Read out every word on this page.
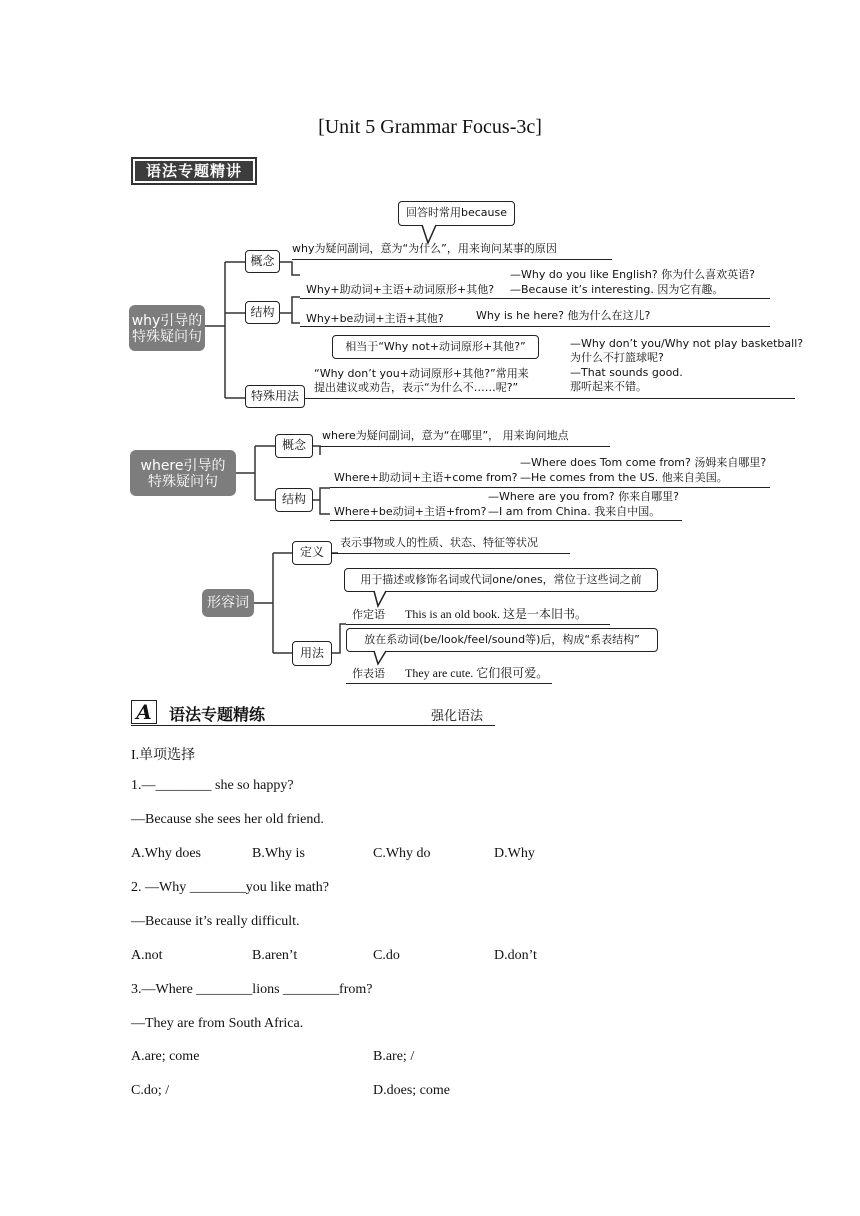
[Unit 5 Grammar Focus-3c]
语法专题精讲
why引导的
特殊疑问句
概念
结构
特殊用法
回答时常用because
why为疑问副词，意为“为什么”，用来询问某事的原因
Why+助动词+主语+动词原形+其他?
—Why do you like English? 你为什么喜欢英语?
—Because it’s interesting. 因为它有趣。
Why+be动词+主语+其他?	Why is he here? 他为什么在这儿?
相当于“Why not+动词原形+其他?”
“Why don’t you+动词原形+其他?”常用来
提出建议或劝告，表示“为什么不……呢?”
—Why don’t you/Why not play basketball?
为什么不打篮球呢?
—That sounds good.
那听起来不错。
where引导的
特殊疑问句
概念
结构
where为疑问副词，意为“在哪里”， 用来询问地点
Where+助动词+主语+come from?
—Where does Tom come from? 汤姆来自哪里?
—He comes from the US. 他来自美国。
Where+be动词+主语+from?
—Where are you from? 你来自哪里?
—I am from China. 我来自中国。
形容词
定义
用法
表示事物或人的性质、状态、特征等状况
用于描述或修饰名词或代词one/ones，常位于这些词之前
作定语 This is an old book. 这是一本旧书。
放在系动词(be/look/feel/sound等)后，构成“系表结构”
作表语 They are cute. 它们很可爱。
A	语法专题精练	强化语法
I.单项选择
1.—________ she so happy?
—Because she sees her old friend.
A.Why does	B.Why is	C.Why do	D.Why
2. —Why ________you like math?
—Because it’s really difficult.
A.not	B.aren’t	C.do	D.don’t
3.—Where ________lions ________from?
—They are from South Africa.
A.are; come	B.are; /
C.do; /	D.does; come
